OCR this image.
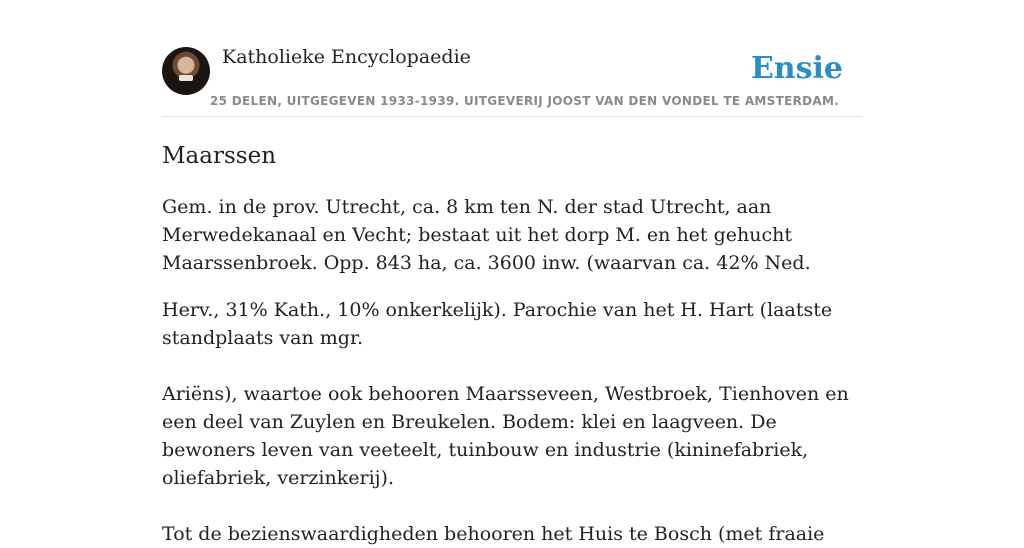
Katholieke Encyclopaedie	Ensie
25 DELEN, UITGEGEVEN 1933-1939. UITGEVERIJ JOOST VAN DEN VONDEL TE AMSTERDAM.
Maarssen

Gem. in de prov. Utrecht, ca. 8 km ten N. der stad Utrecht, aan Merwedekanaal en Vecht; bestaat uit het dorp M. en het gehucht Maarssenbroek. Opp. 843 ha, ca. 3600 inw. (waarvan ca. 42% Ned.

Herv., 31% Kath., 10% onkerkelijk). Parochie van het H. Hart (laatste standplaats van mgr.

Ariëns), waartoe ook behooren Maarsseveen, Westbroek, Tienhoven en een deel van Zuylen en Breukelen. Bodem: klei en laagveen. De bewoners leven van veeteelt, tuinbouw en industrie (kininefabriek, oliefabriek, verzinkerij).

Tot de bezienswaardigheden behooren het Huis te Bosch (met fraaie
